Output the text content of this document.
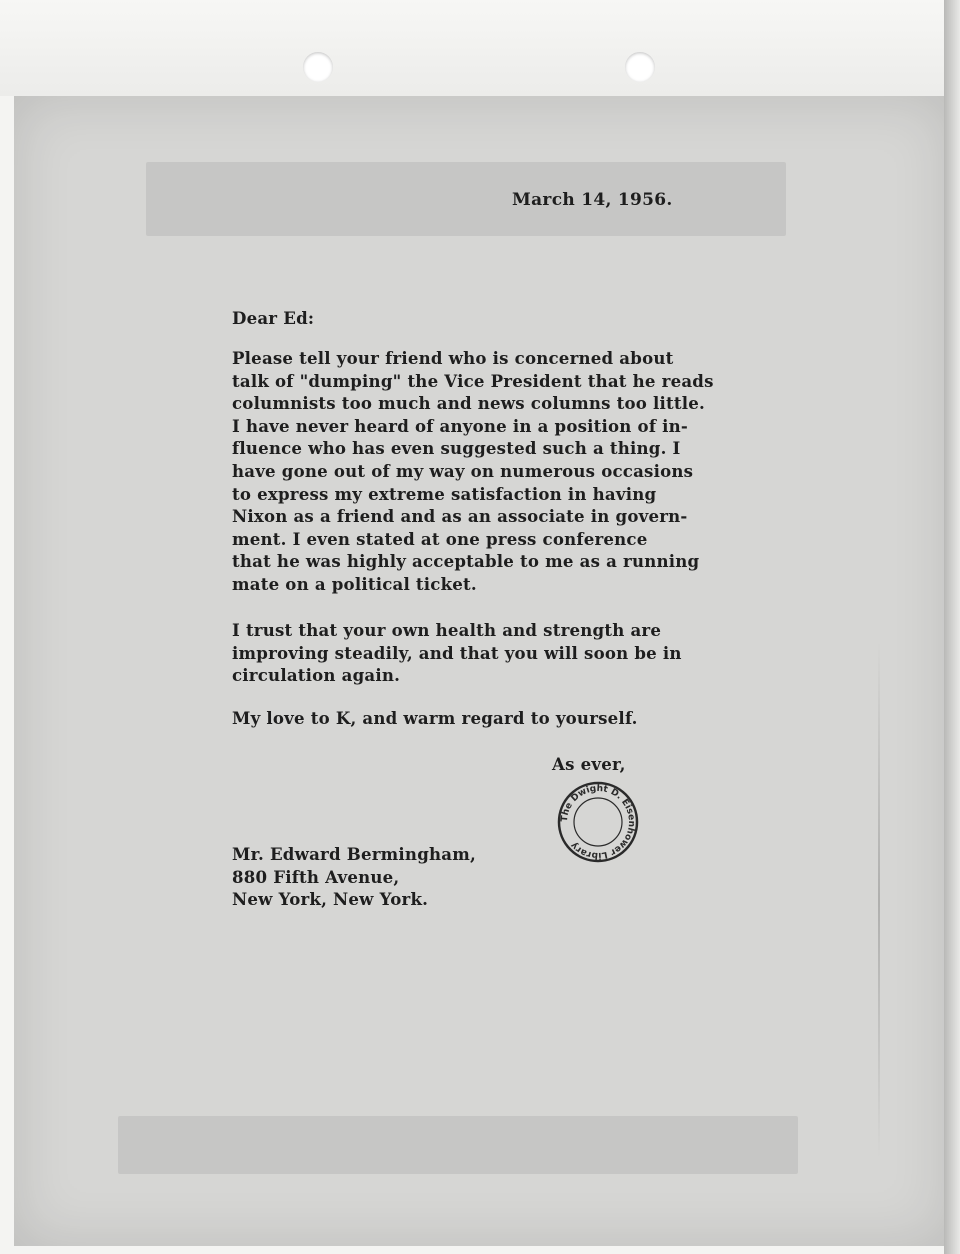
March 14, 1956.
Dear Ed:
Please tell your friend who is concerned about
talk of "dumping" the Vice President that he reads
columnists too much and news columns too little.
I have never heard of anyone in a position of in-
fluence who has even suggested such a thing. I
have gone out of my way on numerous occasions
to express my extreme satisfaction in having
Nixon as a friend and as an associate in govern-
ment. I even stated at one press conference
that he was highly acceptable to me as a running
mate on a political ticket.
I trust that your own health and strength are
improving steadily, and that you will soon be in
circulation again.
My love to K, and warm regard to yourself.
As ever,
The Dwight D. Eisenhower Library
Mr. Edward Bermingham,
880 Fifth Avenue,
New York, New York.
